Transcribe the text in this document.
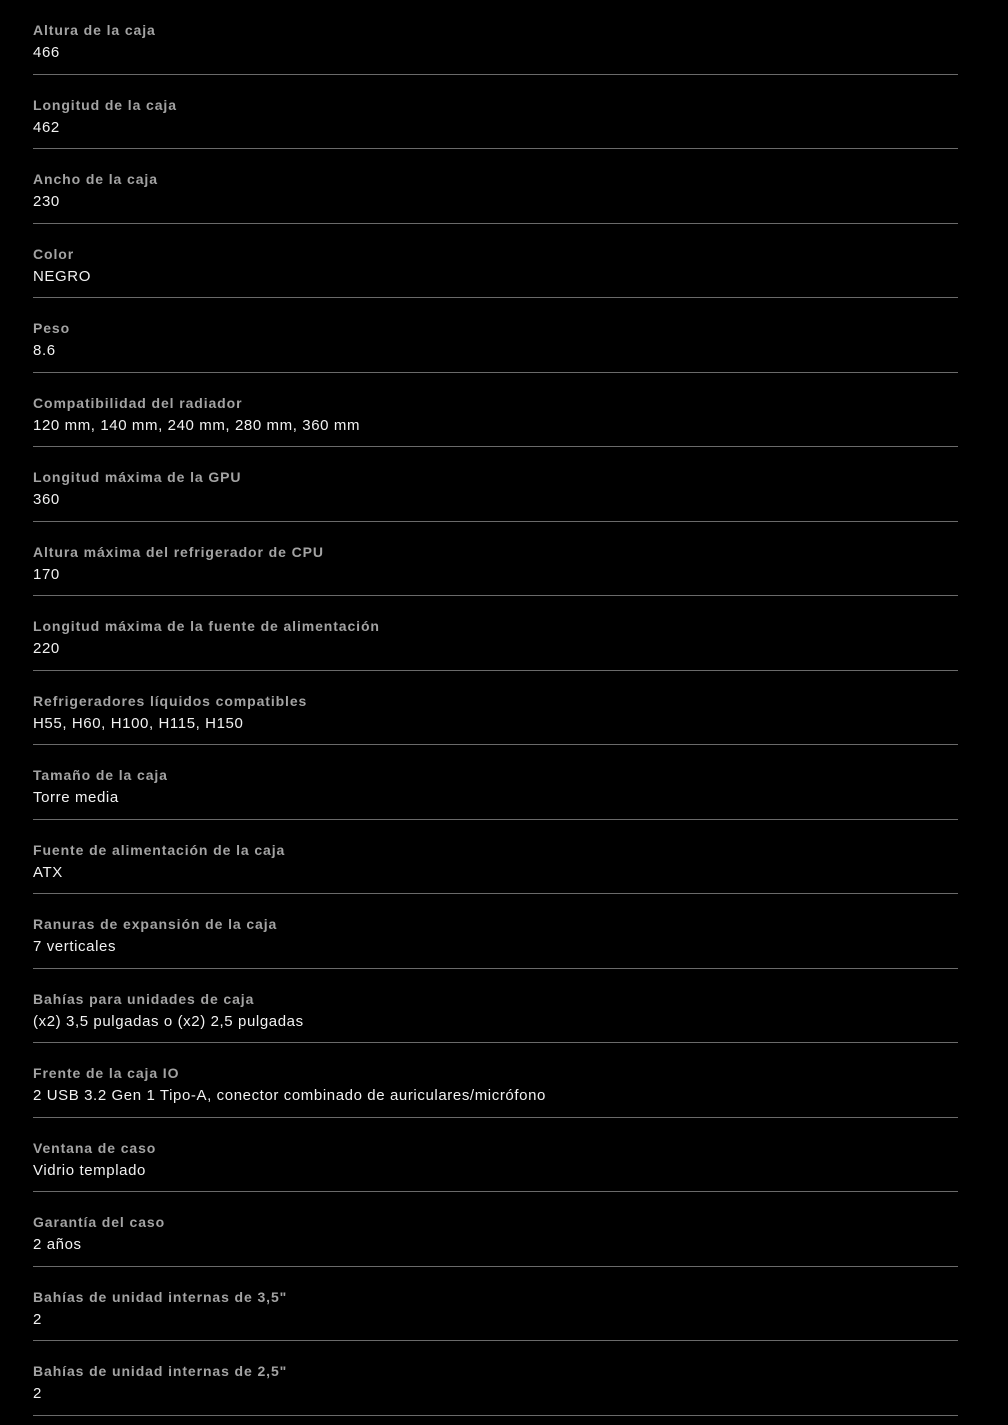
Altura de la caja
466
Longitud de la caja
462
Ancho de la caja
230
Color
NEGRO
Peso
8.6
Compatibilidad del radiador
120 mm, 140 mm, 240 mm, 280 mm, 360 mm
Longitud máxima de la GPU
360
Altura máxima del refrigerador de CPU
170
Longitud máxima de la fuente de alimentación
220
Refrigeradores líquidos compatibles
H55, H60, H100, H115, H150
Tamaño de la caja
Torre media
Fuente de alimentación de la caja
ATX
Ranuras de expansión de la caja
7 verticales
Bahías para unidades de caja
(x2) 3,5 pulgadas o (x2) 2,5 pulgadas
Frente de la caja IO
2 USB 3.2 Gen 1 Tipo-A, conector combinado de auriculares/micrófono
Ventana de caso
Vidrio templado
Garantía del caso
2 años
Bahías de unidad internas de 3,5"
2
Bahías de unidad internas de 2,5"
2
